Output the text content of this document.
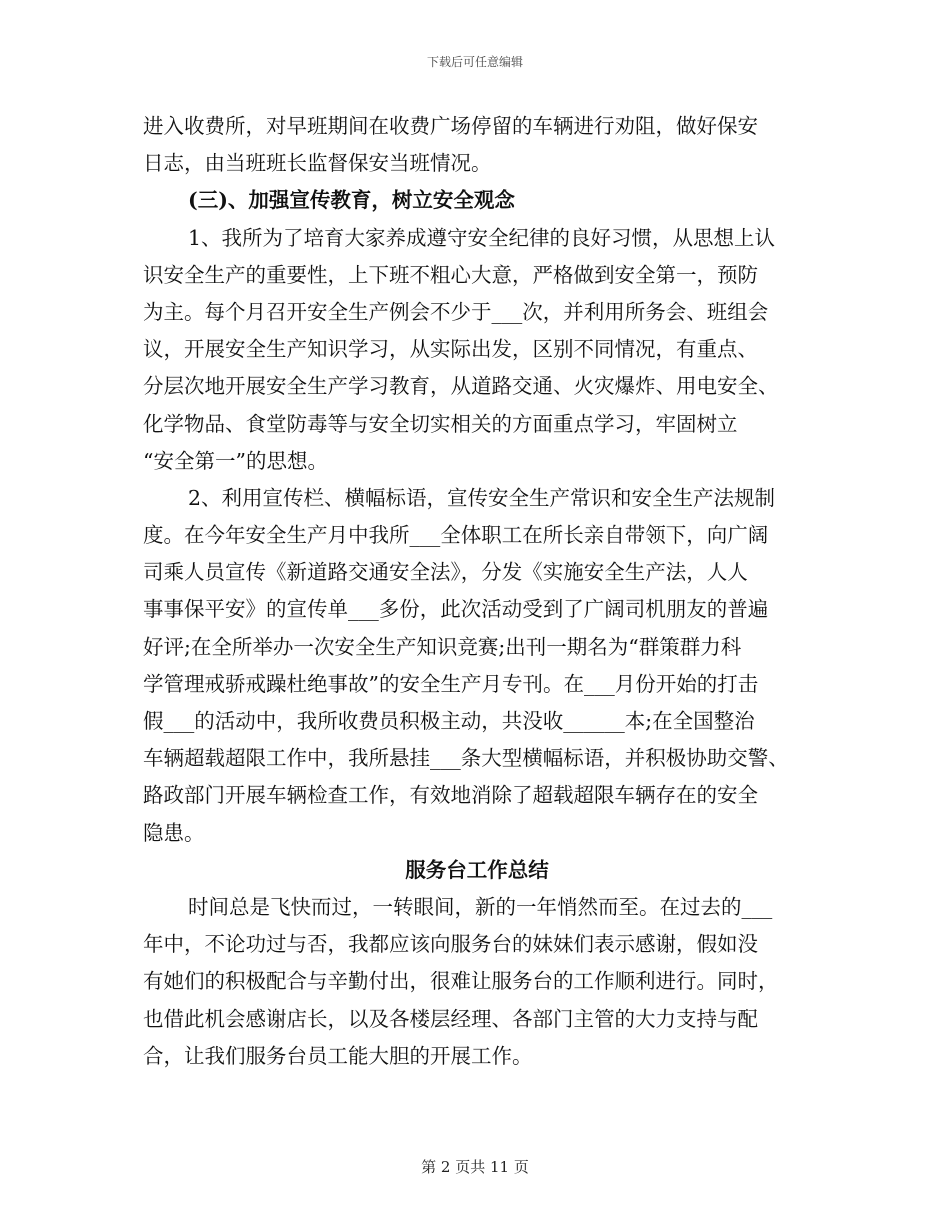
下载后可任意编辑
进入收费所，对早班期间在收费广场停留的车辆进行劝阻，做好保安
日志，由当班班长监督保安当班情况。
(三)、加强宣传教育，树立安全观念
1、我所为了培育大家养成遵守安全纪律的良好习惯，从思想上认
识安全生产的重要性，上下班不粗心大意，严格做到安全第一，预防
为主。每个月召开安全生产例会不少于___次，并利用所务会、班组会
议，开展安全生产知识学习，从实际出发，区别不同情况，有重点、
分层次地开展安全生产学习教育，从道路交通、火灾爆炸、用电安全、
化学物品、食堂防毒等与安全切实相关的方面重点学习，牢固树立
“安全第一”的思想。
2、利用宣传栏、横幅标语，宣传安全生产常识和安全生产法规制
度。在今年安全生产月中我所___全体职工在所长亲自带领下，向广阔
司乘人员宣传《新道路交通安全法》，分发《实施安全生产法，人人
事事保平安》的宣传单___多份，此次活动受到了广阔司机朋友的普遍
好评;在全所举办一次安全生产知识竞赛;出刊一期名为“群策群力科
学管理戒骄戒躁杜绝事故”的安全生产月专刊。在___月份开始的打击
假___的活动中，我所收费员积极主动，共没收______本;在全国整治
车辆超载超限工作中，我所悬挂___条大型横幅标语，并积极协助交警、
路政部门开展车辆检查工作，有效地消除了超载超限车辆存在的安全
隐患。
服务台工作总结
时间总是飞快而过，一转眼间，新的一年悄然而至。在过去的___
年中，不论功过与否，我都应该向服务台的妹妹们表示感谢，假如没
有她们的积极配合与辛勤付出，很难让服务台的工作顺利进行。同时，
也借此机会感谢店长，以及各楼层经理、各部门主管的大力支持与配
合，让我们服务台员工能大胆的开展工作。
第 2 页共 11 页
